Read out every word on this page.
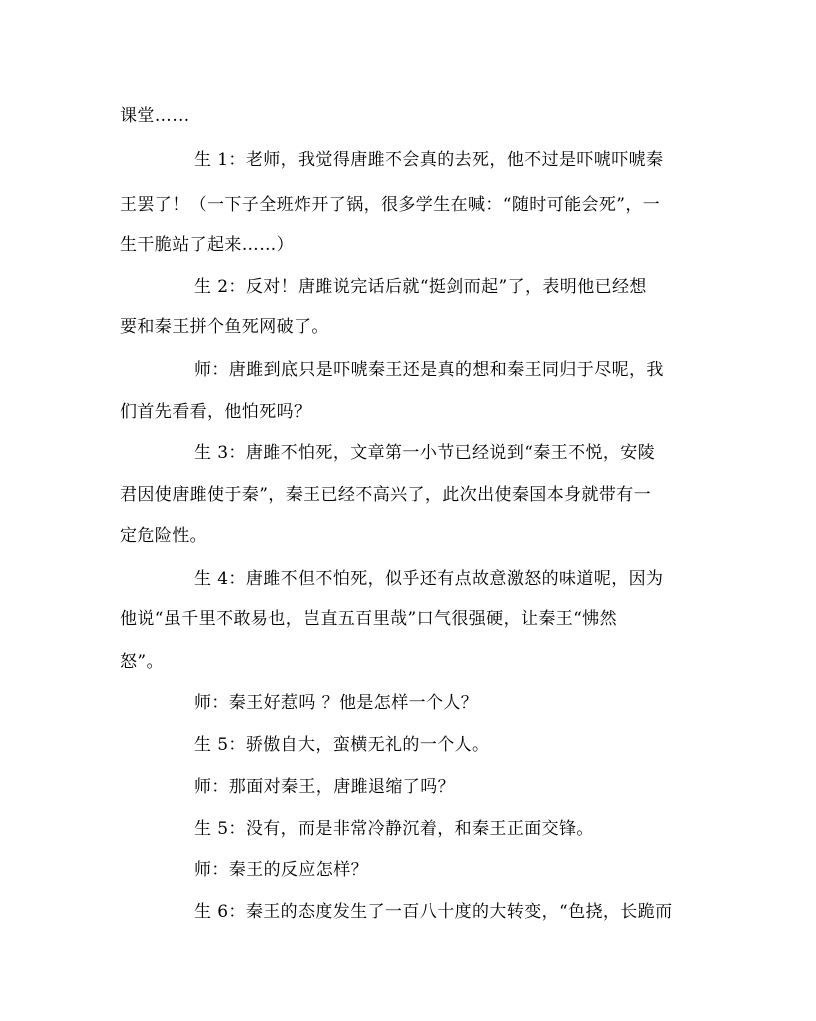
课堂……
生 1：老师，我觉得唐雎不会真的去死，他不过是吓唬吓唬秦
王罢了！（一下子全班炸开了锅，很多学生在喊：“随时可能会死”，一
生干脆站了起来……）
生 2：反对！唐雎说完话后就“挺剑而起”了，表明他已经想
要和秦王拼个鱼死网破了。
师：唐雎到底只是吓唬秦王还是真的想和秦王同归于尽呢，我
们首先看看，他怕死吗？
生 3：唐雎不怕死，文章第一小节已经说到“秦王不悦，安陵
君因使唐雎使于秦”，秦王已经不高兴了，此次出使秦国本身就带有一
定危险性。
生 4：唐雎不但不怕死，似乎还有点故意激怒的味道呢，因为
他说“虽千里不敢易也，岂直五百里哉”口气很强硬，让秦王“怫然
怒”。
师：秦王好惹吗 ？他是怎样一个人？
生 5：骄傲自大，蛮横无礼的一个人。
师：那面对秦王，唐雎退缩了吗？
生 5：没有，而是非常冷静沉着，和秦王正面交锋。
师：秦王的反应怎样？
生 6：秦王的态度发生了一百八十度的大转变，“色挠，长跪而
